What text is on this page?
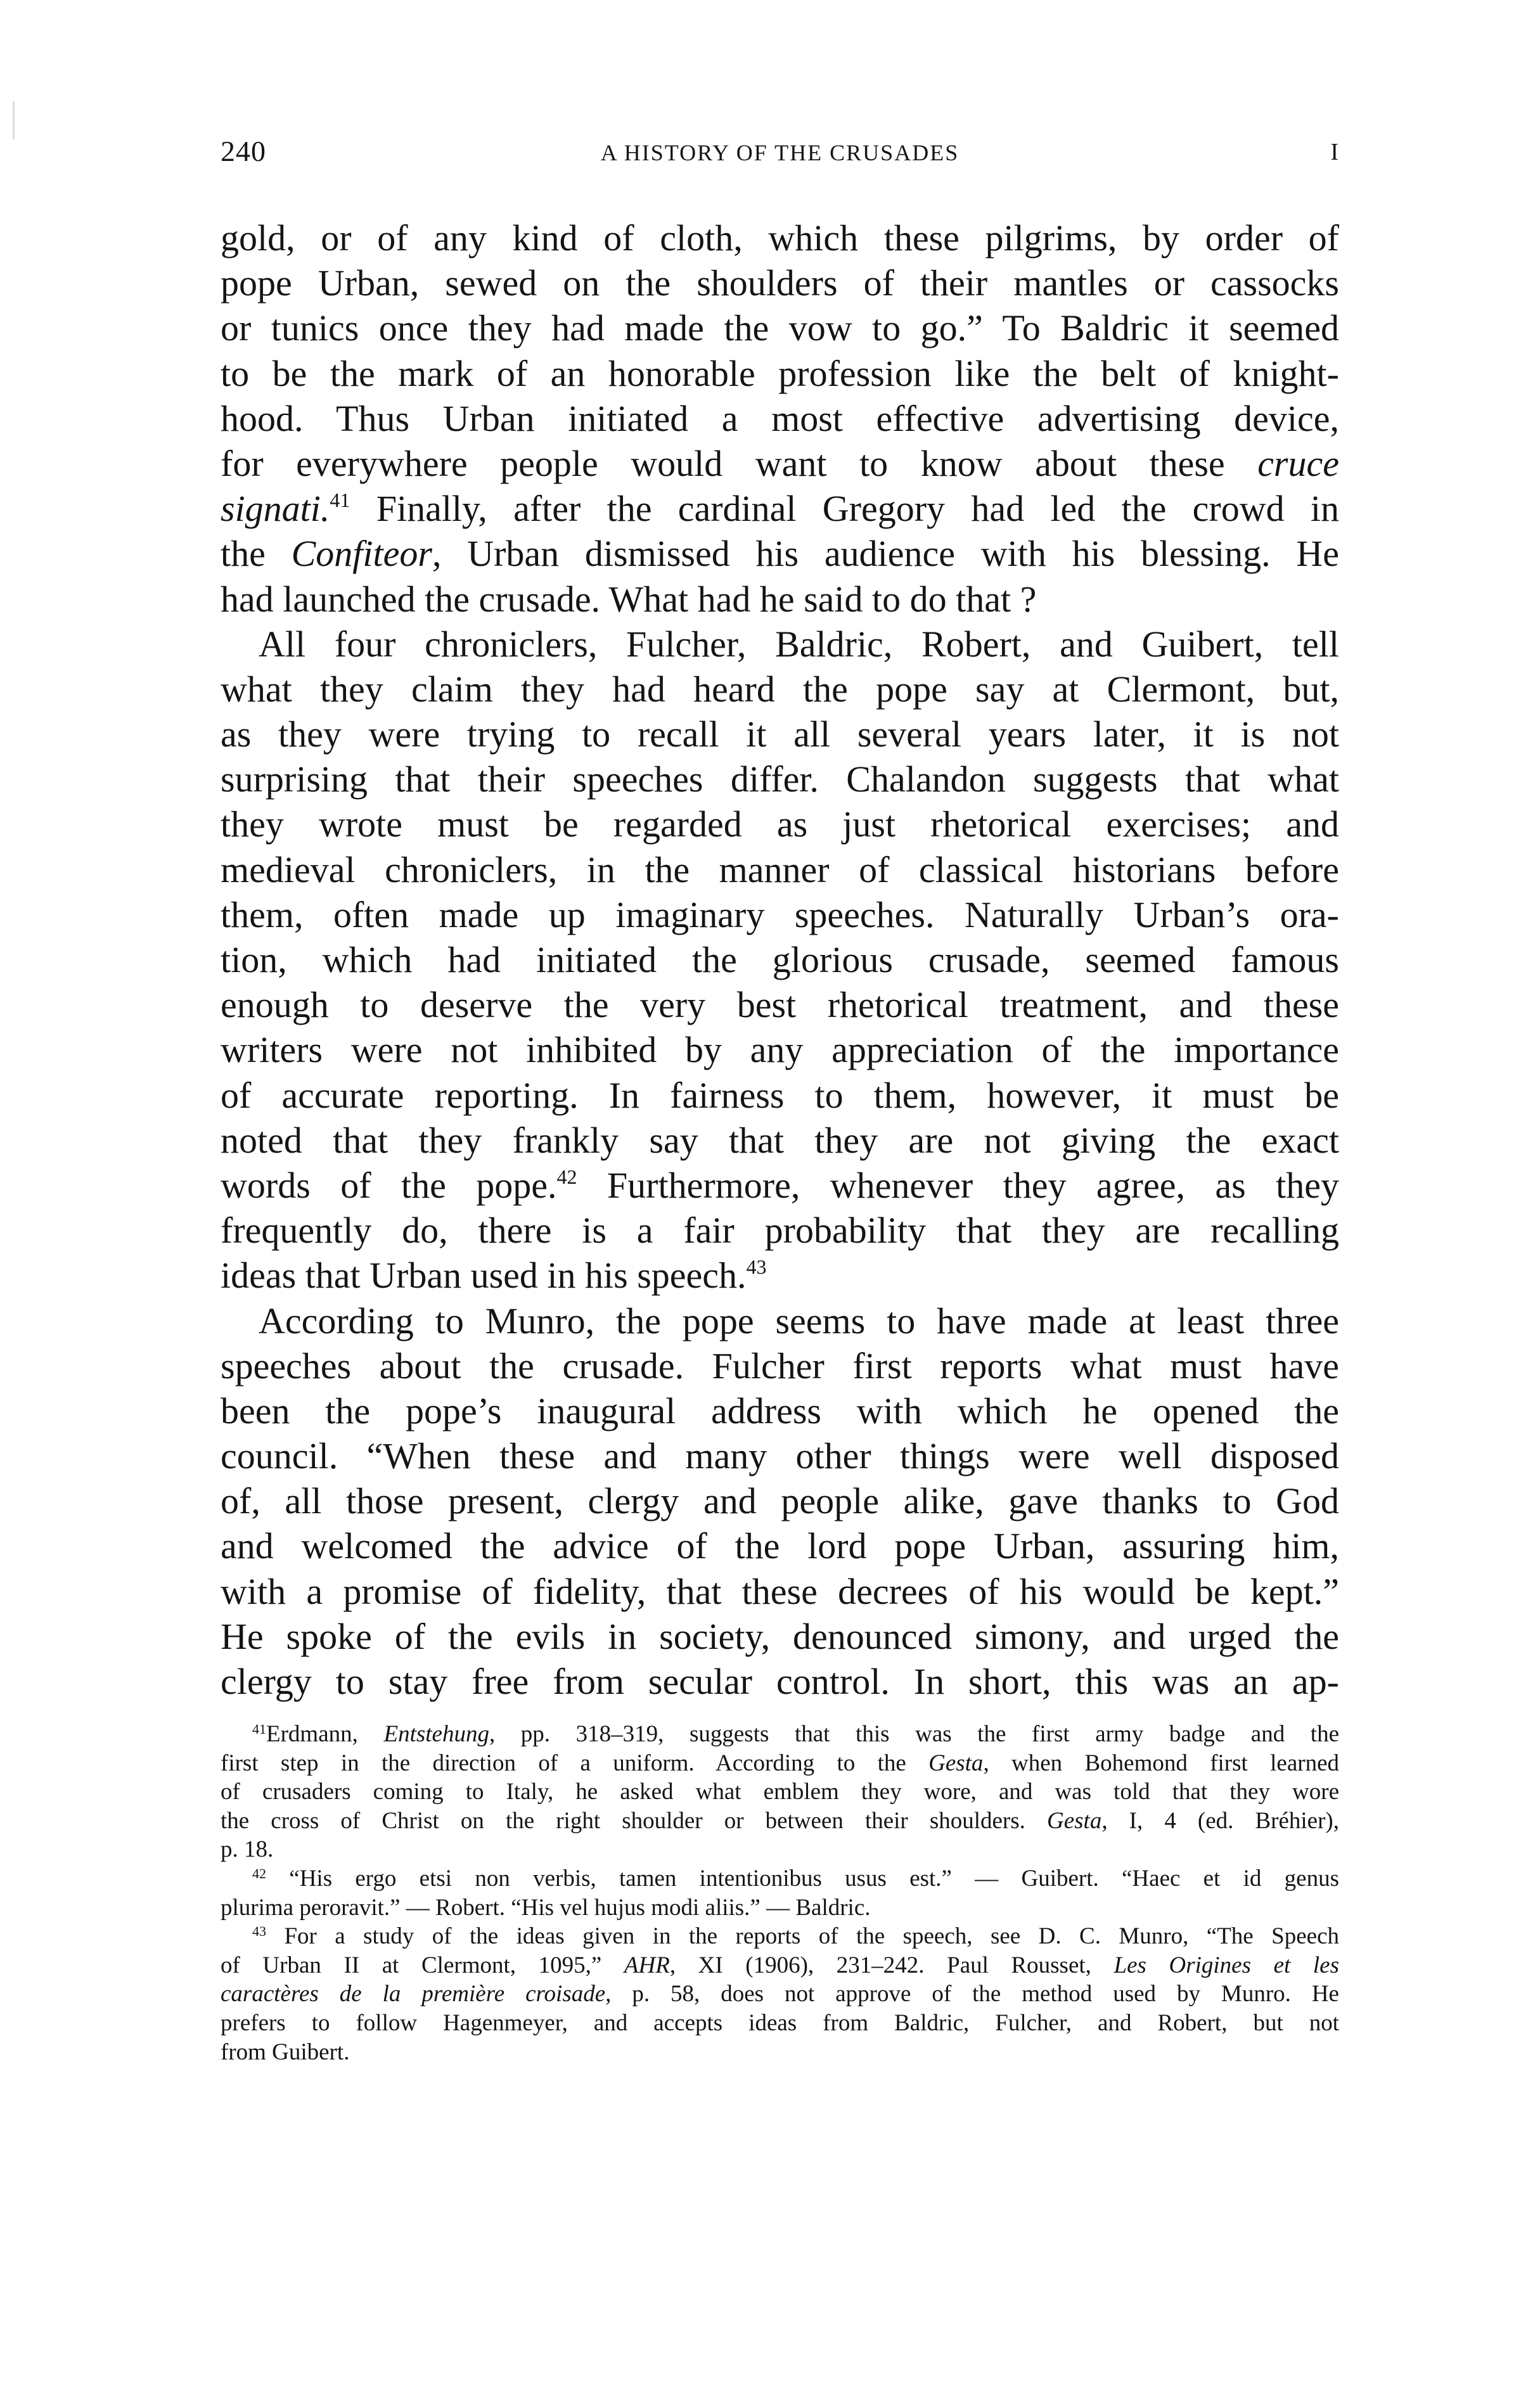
240	A HISTORY OF THE CRUSADES	I
gold, or of any kind of cloth, which these pilgrims, by order of
pope Urban, sewed on the shoulders of their mantles or cassocks
or tunics once they had made the vow to go.” To Baldric it seemed
to be the mark of an honorable profession like the belt of knight-
hood. Thus Urban initiated a most effective advertising device,
for everywhere people would want to know about these cruce
signati.$^{41}$ Finally, after the cardinal Gregory had led the crowd in
the Confiteor, Urban dismissed his audience with his blessing. He
had launched the crusade. What had he said to do that ?
All four chroniclers, Fulcher, Baldric, Robert, and Guibert, tell
what they claim they had heard the pope say at Clermont, but,
as they were trying to recall it all several years later, it is not
surprising that their speeches differ. Chalandon suggests that what
they wrote must be regarded as just rhetorical exercises; and
medieval chroniclers, in the manner of classical historians before
them, often made up imaginary speeches. Naturally Urban’s ora-
tion, which had initiated the glorious crusade, seemed famous
enough to deserve the very best rhetorical treatment, and these
writers were not inhibited by any appreciation of the importance
of accurate reporting. In fairness to them, however, it must be
noted that they frankly say that they are not giving the exact
words of the pope.$^{42}$ Furthermore, whenever they agree, as they
frequently do, there is a fair probability that they are recalling
ideas that Urban used in his speech.$^{43}$
According to Munro, the pope seems to have made at least three
speeches about the crusade. Fulcher first reports what must have
been the pope’s inaugural address with which he opened the
council. “When these and many other things were well disposed
of, all those present, clergy and people alike, gave thanks to God
and welcomed the advice of the lord pope Urban, assuring him,
with a promise of fidelity, that these decrees of his would be kept.”
He spoke of the evils in society, denounced simony, and urged the
clergy to stay free from secular control. In short, this was an ap-
$^{41}$Erdmann, Entstehung, pp. 318–319, suggests that this was the first army badge and the
first step in the direction of a uniform. According to the Gesta, when Bohemond first learned
of crusaders coming to Italy, he asked what emblem they wore, and was told that they wore
the cross of Christ on the right shoulder or between their shoulders. Gesta, I, 4 (ed. Bréhier),
p. 18.
$^{42}$ “His ergo etsi non verbis, tamen intentionibus usus est.” — Guibert. “Haec et id genus
plurima peroravit.” — Robert. “His vel hujus modi aliis.” — Baldric.
$^{43}$ For a study of the ideas given in the reports of the speech, see D. C. Munro, “The Speech
of Urban II at Clermont, 1095,” AHR, XI (1906), 231–242. Paul Rousset, Les Origines et les
caractères de la première croisade, p. 58, does not approve of the method used by Munro. He
prefers to follow Hagenmeyer, and accepts ideas from Baldric, Fulcher, and Robert, but not
from Guibert.
